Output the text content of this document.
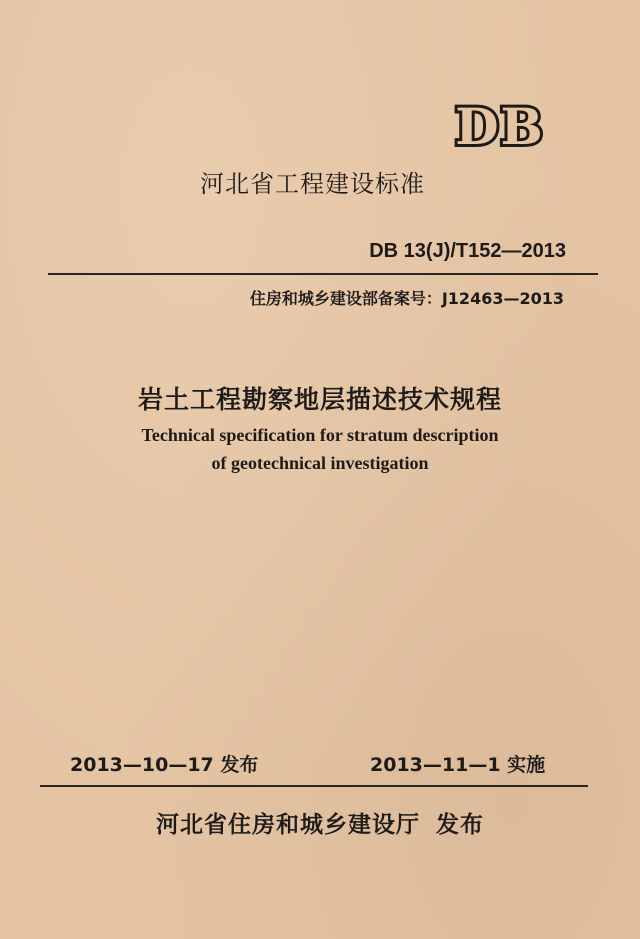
DB
河北省工程建设标准
DB 13(J)/T152—2013
住房和城乡建设部备案号：J12463—2013
岩土工程勘察地层描述技术规程
Technical specification for stratum description
of geotechnical investigation
2013—10—17 发布	2013—11—1 实施
河北省住房和城乡建设厅 发布
